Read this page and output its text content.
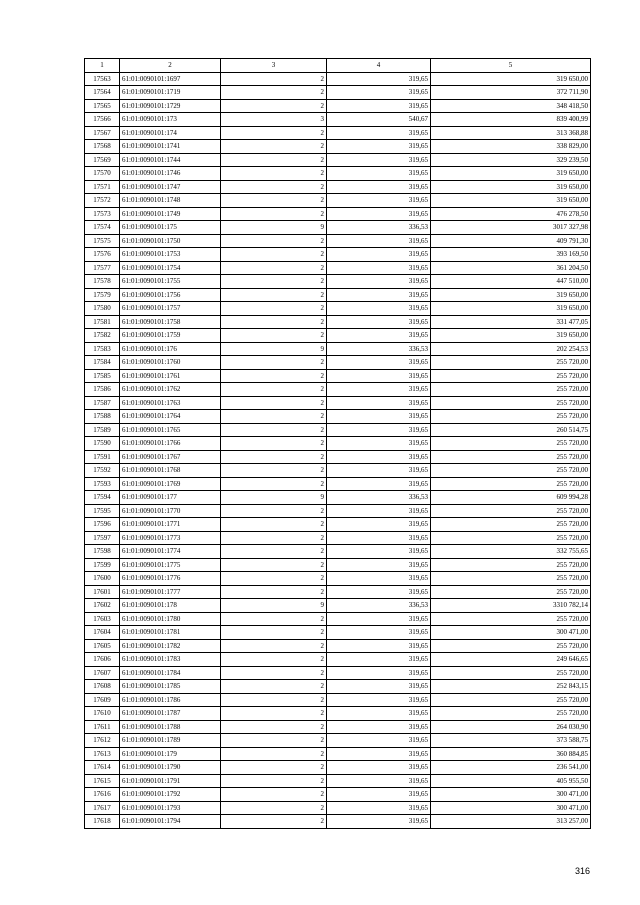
1	2	3	4	5
17563	61:01:0090101:1697	2	319,65	319 650,00
17564	61:01:0090101:1719	2	319,65	372 711,90
17565	61:01:0090101:1729	2	319,65	348 418,50
17566	61:01:0090101:173	3	540,67	839 400,99
17567	61:01:0090101:174	2	319,65	313 368,88
17568	61:01:0090101:1741	2	319,65	338 829,00
17569	61:01:0090101:1744	2	319,65	329 239,50
17570	61:01:0090101:1746	2	319,65	319 650,00
17571	61:01:0090101:1747	2	319,65	319 650,00
17572	61:01:0090101:1748	2	319,65	319 650,00
17573	61:01:0090101:1749	2	319,65	476 278,50
17574	61:01:0090101:175	9	336,53	3017 327,98
17575	61:01:0090101:1750	2	319,65	409 791,30
17576	61:01:0090101:1753	2	319,65	393 169,50
17577	61:01:0090101:1754	2	319,65	361 204,50
17578	61:01:0090101:1755	2	319,65	447 510,00
17579	61:01:0090101:1756	2	319,65	319 650,00
17580	61:01:0090101:1757	2	319,65	319 650,00
17581	61:01:0090101:1758	2	319,65	331 477,05
17582	61:01:0090101:1759	2	319,65	319 650,00
17583	61:01:0090101:176	9	336,53	202 254,53
17584	61:01:0090101:1760	2	319,65	255 720,00
17585	61:01:0090101:1761	2	319,65	255 720,00
17586	61:01:0090101:1762	2	319,65	255 720,00
17587	61:01:0090101:1763	2	319,65	255 720,00
17588	61:01:0090101:1764	2	319,65	255 720,00
17589	61:01:0090101:1765	2	319,65	260 514,75
17590	61:01:0090101:1766	2	319,65	255 720,00
17591	61:01:0090101:1767	2	319,65	255 720,00
17592	61:01:0090101:1768	2	319,65	255 720,00
17593	61:01:0090101:1769	2	319,65	255 720,00
17594	61:01:0090101:177	9	336,53	609 994,28
17595	61:01:0090101:1770	2	319,65	255 720,00
17596	61:01:0090101:1771	2	319,65	255 720,00
17597	61:01:0090101:1773	2	319,65	255 720,00
17598	61:01:0090101:1774	2	319,65	332 755,65
17599	61:01:0090101:1775	2	319,65	255 720,00
17600	61:01:0090101:1776	2	319,65	255 720,00
17601	61:01:0090101:1777	2	319,65	255 720,00
17602	61:01:0090101:178	9	336,53	3310 782,14
17603	61:01:0090101:1780	2	319,65	255 720,00
17604	61:01:0090101:1781	2	319,65	300 471,00
17605	61:01:0090101:1782	2	319,65	255 720,00
17606	61:01:0090101:1783	2	319,65	249 646,65
17607	61:01:0090101:1784	2	319,65	255 720,00
17608	61:01:0090101:1785	2	319,65	252 843,15
17609	61:01:0090101:1786	2	319,65	255 720,00
17610	61:01:0090101:1787	2	319,65	255 720,00
17611	61:01:0090101:1788	2	319,65	264 030,90
17612	61:01:0090101:1789	2	319,65	373 588,75
17613	61:01:0090101:179	2	319,65	360 884,85
17614	61:01:0090101:1790	2	319,65	236 541,00
17615	61:01:0090101:1791	2	319,65	405 955,50
17616	61:01:0090101:1792	2	319,65	300 471,00
17617	61:01:0090101:1793	2	319,65	300 471,00
17618	61:01:0090101:1794	2	319,65	313 257,00
316
